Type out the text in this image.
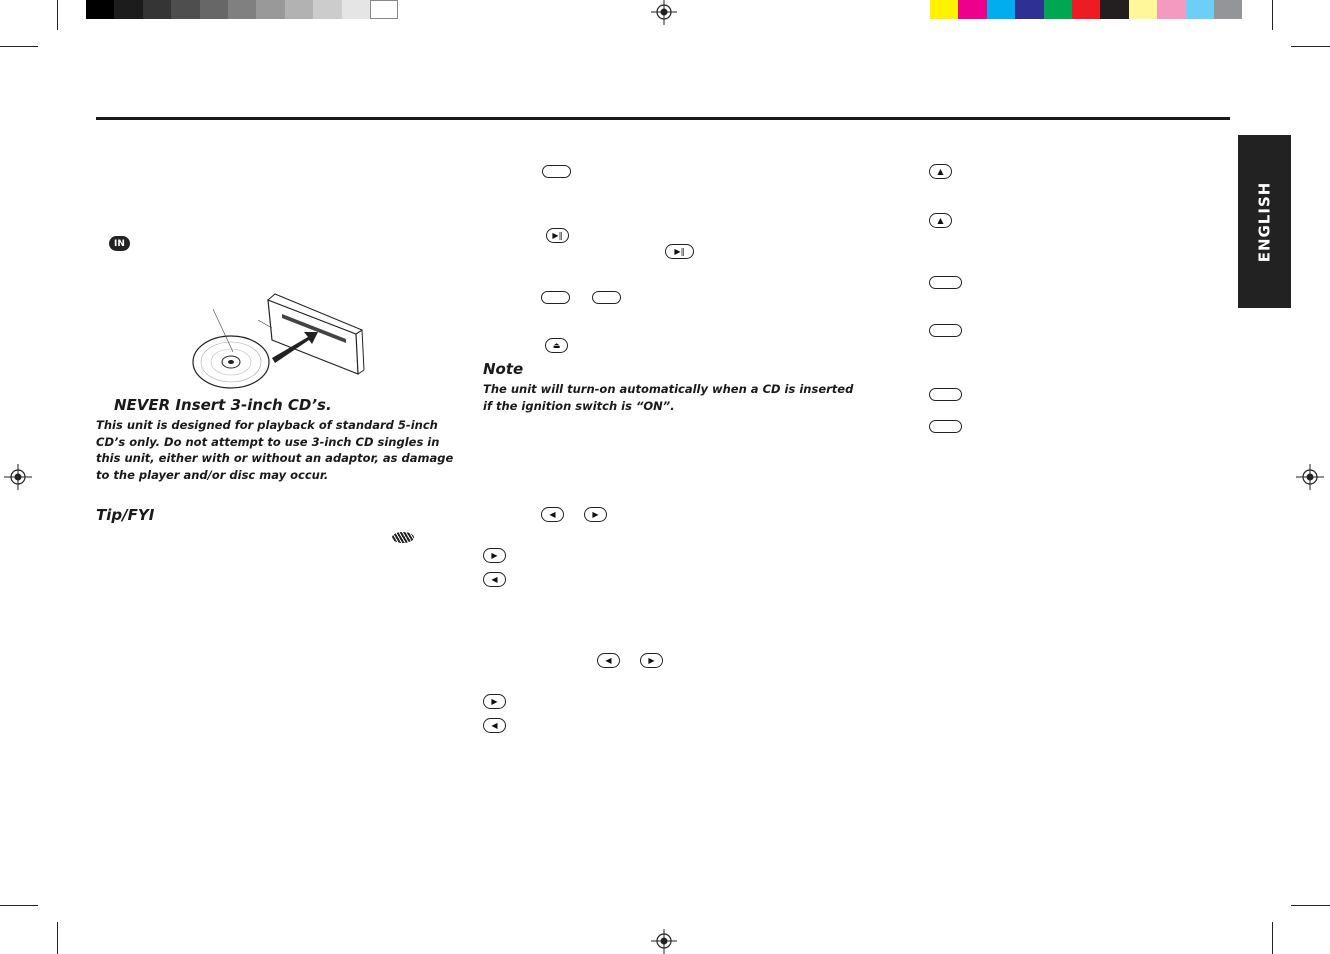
ENGLISH
IN
NEVER Insert 3-inch CD’s.
This unit is designed for playback of standard 5-inch CD’s only. Do not attempt to use 3-inch CD singles in this unit, either with or without an adaptor, as damage to the player and/or disc may occur.
Tip/FYI
▶‖
▶‖
⏏
Note
The unit will turn-on automatically when a CD is inserted if the ignition switch is “ON”.
◀	▶
▶
◀
◀	▶
▶
◀
▲
▲
